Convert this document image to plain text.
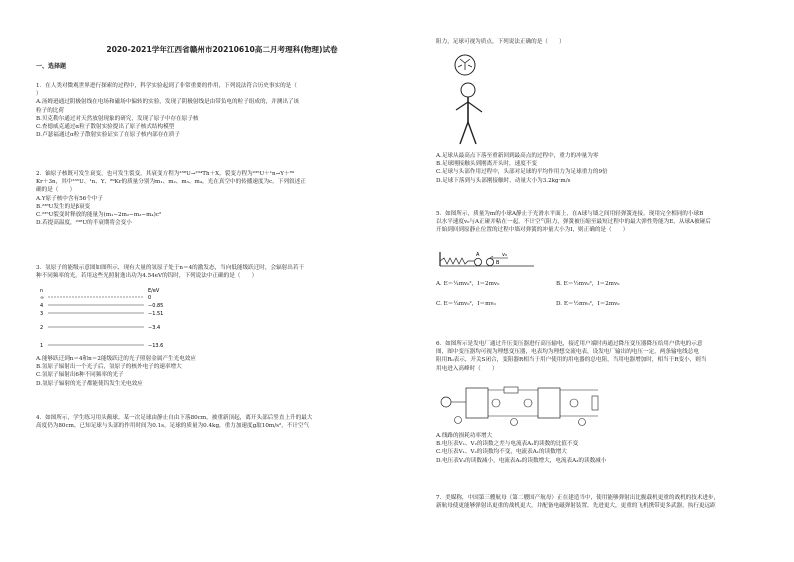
2020-2021学年江西省赣州市20210610高二月考理科(物理)试卷
一、选择题

1．在人类对微观世界进行探索的过程中，科学实验起到了非常重要的作用，下列说法符合历史事实的是（

）

A.汤姆逊通过阴极射线在电场和磁场中偏转的实验，发现了阴极射线是由带负电的粒子组成的，并测出了该

粒子的比荷

B.贝克勒尔通过对天然放射现象的研究，发现了原子中存在原子核

C.查德威克通过α粒子散射实验提出了原子核式结构模型

D.卢瑟福通过α粒子散射实验证实了在原子核内部存在质子

2．铀原子核既可发生衰变，也可发生裂变。其衰变方程为²³⁸U→²³⁴Th＋X，裂变方程为²³⁵U＋¹n→Y＋⁸⁹

Kr＋3n，其中²³⁵U、¹n、Y、⁸⁹Kr的质量分别为m₁、m₂、m₃、m₄，光在真空中的传播速度为c。下列叙述正

确的是（　　）

A.Y原子核中含有56个中子

B.²³⁸U发生的是β衰变

C.²³⁵U裂变时释放的能量为(m₁−2m₂−m₃−m₄)c²

D.若提高温度，²³⁸U的半衰期将会变小

3．氢原子的能级示意图如图所示，现有大量的氢原子处于n＝4的激发态，当向低能级跃迁时，会辐射出若干

种不同频率的光，若用这些光照射逸出功为4.54eV的钨时，下列说法中正确的是（　　）

n	E/eV
∞	0
4	−0.85
3	−1.51
2	−3.4
1	−13.6

A.能够跃迁到n＝4和n＝2能级跃迁的光子照射金属产生光电效应

B.氢原子辐射出一个光子后，氢原子的核外电子的速率增大

C.氢原子辐射出6种不同频率的光子

D.氢原子辐射的光子都能使钨发生光电效应

4．如图所示，学生练习用头颠球。某一次足球由静止自由下落80cm，被重新顶起，离开头部后竖直上升的最大

高度仍为80cm。已知足球与头部的作用时间为0.1s，足球的质量为0.4kg，重力加速度g取10m/s²，不计空气

阻力，足球可视为质点，下列说法正确的是（　　）

A.足球从最高点下落至重新回到最高点的过程中，重力的冲量为零

B.足球刚接触头到刚离开头时，速度不变

C.足球与头部作用过程中，头部对足球的平均作用力为足球重力的9倍

D.足球下落到与头部刚接触时，动量大小为3.2kg·m/s

5．如图所示，质量为m的小球A静止于光滑水平面上，在A球与墙之间用轻弹簧连接。现用完全相同的小球B

以水平速度v₀与A正碰并粘在一起，不计空气阻力，弹簧被压缩至最短过程中的最大弹性势能为E，从球A被碰后

开始到回到原静止位置的过程中墙对弹簧的冲量大小为I，则正确的是（　　）

A
B
v₀
A. E＝¼mv₀²，I＝2mv₀	B. E＝½mv₀²，I＝2mv₀
C. E＝¼mv₀²，I＝mv₀	D. E＝½mv₀²，I＝2mv₀

6．如图所示是发电厂通过升压变压器进行高压输电，接近用户端时再通过降压变压器降压给用户供电的示意

图，图中变压器均可视为理想变压器，电表均为理想交流电表，设发电厂输出的电压一定，两条输电线总电

阻用R₀表示，开关S闭合，变阻器R相当于用户使用的用电器的总电阻，当用电器增加时，相当于R变小，则当

用电进入高峰时（　　）

A.线路的损耗功率增大

B.电压表V₁、V₂的读数之差与电流表A₂的读数的比值不变

C.电压表V₁、V₂的读数均不变，电流表A₁的读数增大

D.电压表V₃的读数减小，电流表A₂的读数增大，电流表A₃的读数减小

7．美媒称，中国第三艘航母（第二艘国产航母）正在建造当中，使用能够弹射出比舰载机更重的战机的技术进步，

新航母使更能够弹射出更重的战机更大，并配备电磁弹射装置。先进更大，更重的飞机携带更多武器，执行更远距
